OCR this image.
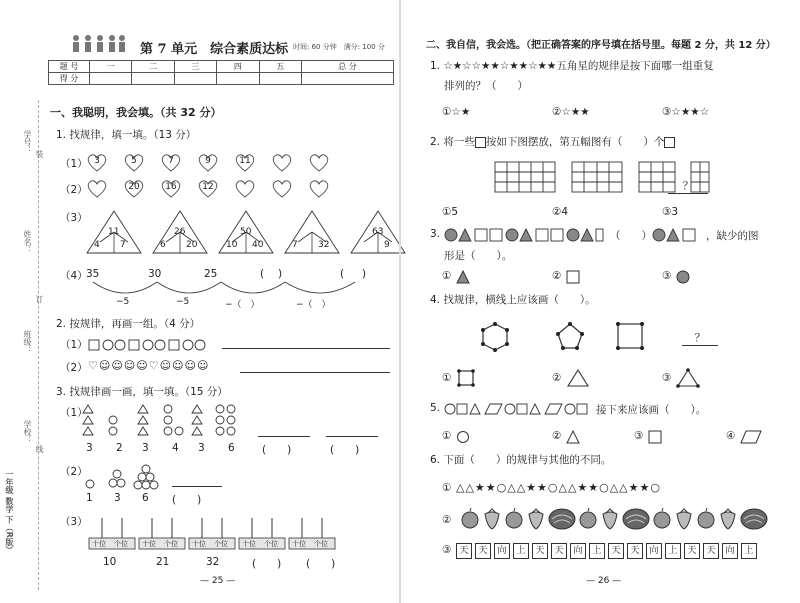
第 7 单元　综合素质达标 时间: 60 分钟　满分: 100 分
题 号	一	二	三	四	五	总 分
得 分						
一、我聪明，我会填。（共 32 分）
1. 找规律，填一填。（13 分）
（1）
（2）
（3）
（4）
35	30	25	( )	( )
−5	−5	−（　）	−（　）
2. 按规律，再画一组。（4 分）
（1）
（2） ♡☺☺☺☺♡☺☺☺☺
3. 找规律画一画，填一填。（15 分）
（1）
3 2 3 4 3 6	(　　)	(　　)
（2）
1 3 6 (　　)
（3）
10	21	32	(　　) (　　)
— 25 —
学号：
姓名：
班级：
学校：
装
订
线
一年级 数学 下（R版）
3	5
20
7
16
9
12
11
11
4 7
26
6 20
50
10 40	7 32
63
9
十位 个位 十位 个位 十位 个位 十位 个位 十位 个位
二、我自信，我会选。（把正确答案的序号填在括号里。每题 2 分，共 12 分）
1. ☆★☆☆★★☆★★☆★★五角星的规律是按下面哪一组重复
排列的？（　　）
①☆★	②☆★★	③☆★★☆
2. 将一些 按如下图摆放，第五幅图有（　　）个
？
①5	②4	③3
3.	（　　）	，缺少的图
形是（　　）。
①	②	③
4. 找规律，横线上应该画（　　）。
？
①	②	③
5.	接下来应该画（　　）。
①	②	③	④
6. 下面（　　）的规律与其他的不同。
① △△★★○△△★★○△△★★○△△★★○
②
③
— 26 —
天	天	向	上	天	天	向	上	天	天	向	上	天	天	向	上
